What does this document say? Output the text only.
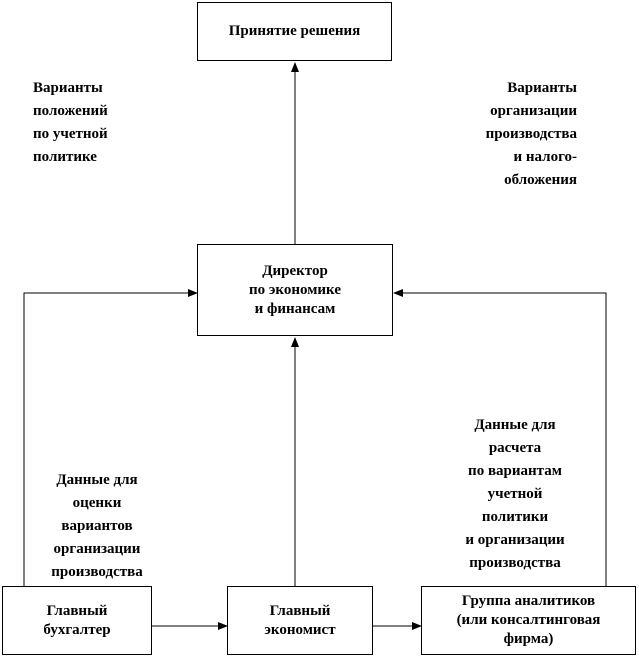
Принятие решения
Директор
по экономике
и финансам
Главный
бухгалтер
Главный
экономист
Группа аналитиков
(или консалтинговая
фирма)
Варианты
положений
по учетной
политике
Варианты
организации
производства
и налого-
обложения
Данные для
оценки
вариантов
организации
производства
Данные для
расчета
по вариантам
учетной
политики
и организации
производства
